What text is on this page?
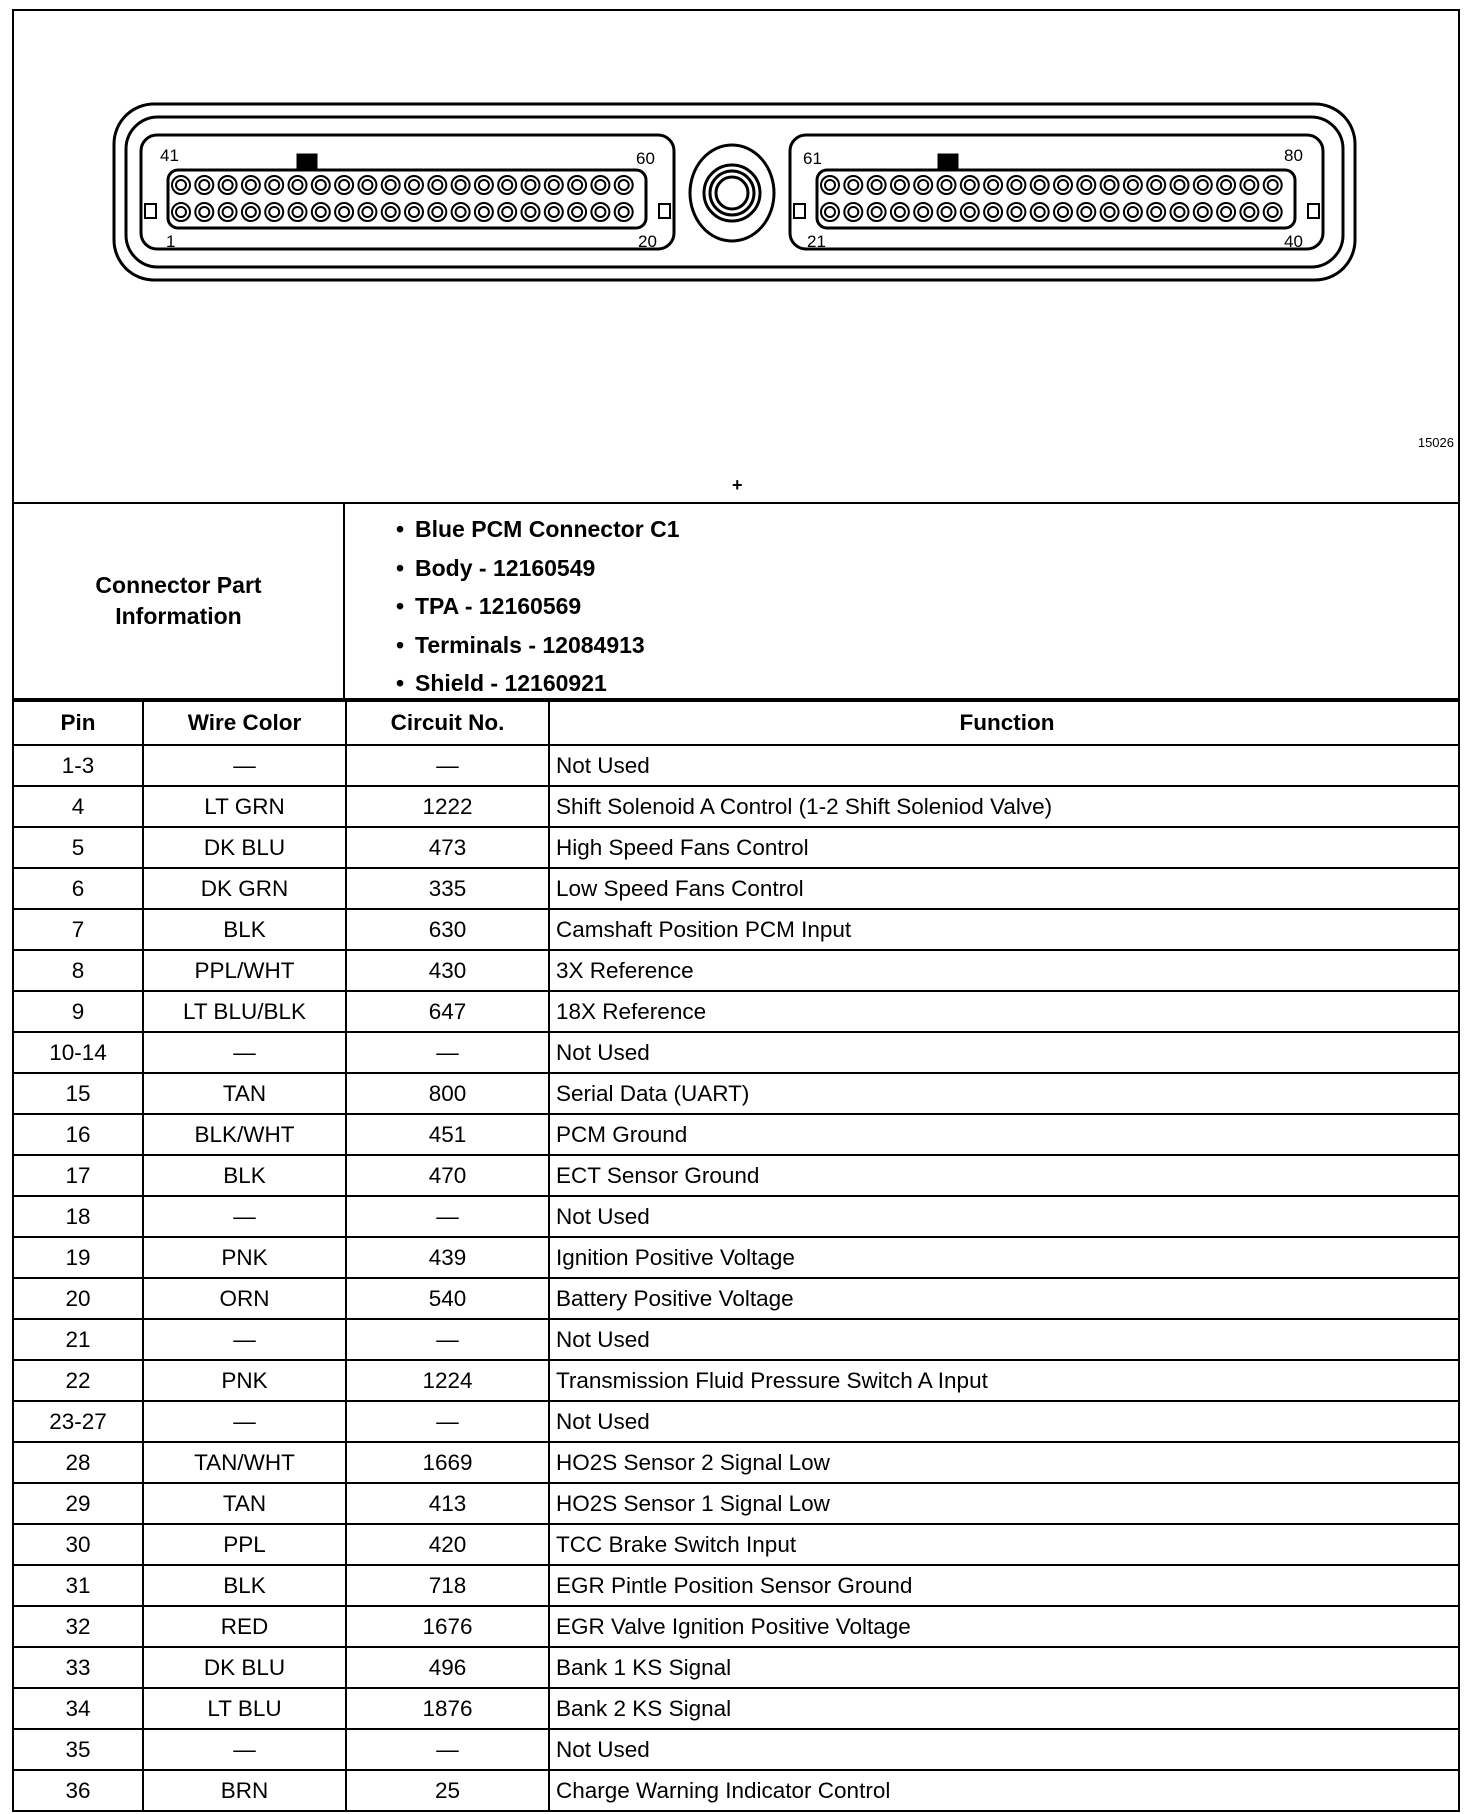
41	60
1	20
61	80
21	40
15026
+
Connector Part
Information
• Blue PCM Connector C1
• Body - 12160549
• TPA - 12160569
• Terminals - 12084913
• Shield - 12160921
Pin	Wire Color	Circuit No.	Function
1-3	—	—	Not Used
4	LT GRN	1222	Shift Solenoid A Control (1-2 Shift Soleniod Valve)
5	DK BLU	473	High Speed Fans Control
6	DK GRN	335	Low Speed Fans Control
7	BLK	630	Camshaft Position PCM Input
8	PPL/WHT	430	3X Reference
9	LT BLU/BLK	647	18X Reference
10-14	—	—	Not Used
15	TAN	800	Serial Data (UART)
16	BLK/WHT	451	PCM Ground
17	BLK	470	ECT Sensor Ground
18	—	—	Not Used
19	PNK	439	Ignition Positive Voltage
20	ORN	540	Battery Positive Voltage
21	—	—	Not Used
22	PNK	1224	Transmission Fluid Pressure Switch A Input
23-27	—	—	Not Used
28	TAN/WHT	1669	HO2S Sensor 2 Signal Low
29	TAN	413	HO2S Sensor 1 Signal Low
30	PPL	420	TCC Brake Switch Input
31	BLK	718	EGR Pintle Position Sensor Ground
32	RED	1676	EGR Valve Ignition Positive Voltage
33	DK BLU	496	Bank 1 KS Signal
34	LT BLU	1876	Bank 2 KS Signal
35	—	—	Not Used
36	BRN	25	Charge Warning Indicator Control
